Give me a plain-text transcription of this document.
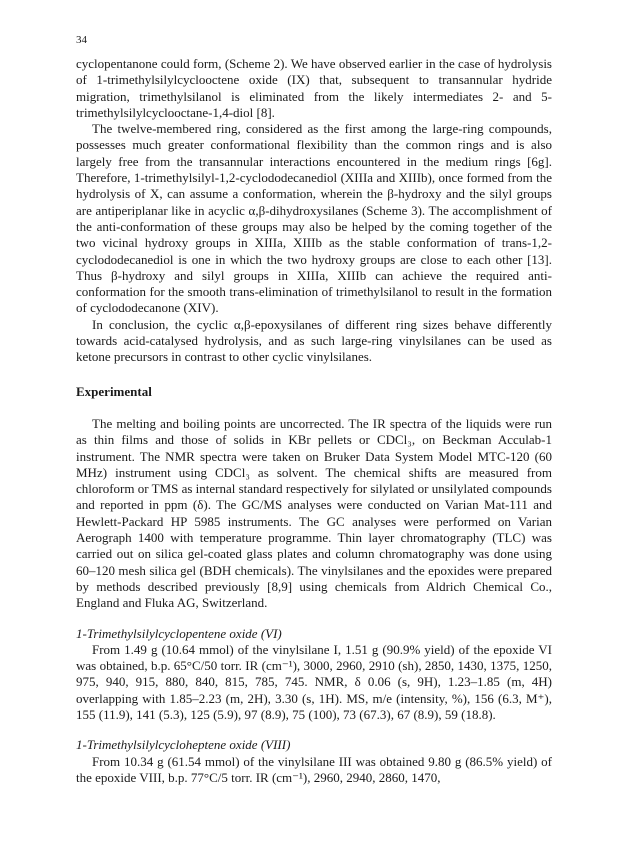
34

cyclopentanone could form, (Scheme 2). We have observed earlier in the case of hydrolysis of 1-trimethylsilylcyclooctene oxide (IX) that, subsequent to transannular hydride migration, trimethylsilanol is eliminated from the likely intermediates 2- and 5-trimethylsilylcyclooctane-1,4-diol [8].

The twelve-membered ring, considered as the first among the large-ring compounds, possesses much greater conformational flexibility than the common rings and is also largely free from the transannular interactions encountered in the medium rings [6g]. Therefore, 1-trimethylsilyl-1,2-cyclododecanediol (XIIIa and XIIIb), once formed from the hydrolysis of X, can assume a conformation, wherein the β-hydroxy and the silyl groups are antiperiplanar like in acyclic α,β-dihydroxysilanes (Scheme 3). The accomplishment of the anti-conformation of these groups may also be helped by the coming together of the two vicinal hydroxy groups in XIIIa, XIIIb as the stable conformation of trans-1,2-cyclododecanediol is one in which the two hydroxy groups are close to each other [13]. Thus β-hydroxy and silyl groups in XIIIa, XIIIb can achieve the required anti-conformation for the smooth trans-elimination of trimethylsilanol to result in the formation of cyclododecanone (XIV).

In conclusion, the cyclic α,β-epoxysilanes of different ring sizes behave differently towards acid-catalysed hydrolysis, and as such large-ring vinylsilanes can be used as ketone precursors in contrast to other cyclic vinylsilanes.

Experimental

The melting and boiling points are uncorrected. The IR spectra of the liquids were run as thin films and those of solids in KBr pellets or CDCl₃, on Beckman Acculab-1 instrument. The NMR spectra were taken on Bruker Data System Model MTC-120 (60 MHz) instrument using CDCl₃ as solvent. The chemical shifts are measured from chloroform or TMS as internal standard respectively for silylated or unsilylated compounds and reported in ppm (δ). The GC/MS analyses were conducted on Varian Mat-111 and Hewlett-Packard HP 5985 instruments. The GC analyses were performed on Varian Aerograph 1400 with temperature programme. Thin layer chromatography (TLC) was carried out on silica gel-coated glass plates and column chromatography was done using 60–120 mesh silica gel (BDH chemicals). The vinylsilanes and the epoxides were prepared by methods described previously [8,9] using chemicals from Aldrich Chemical Co., England and Fluka AG, Switzerland.

1-Trimethylsilylcyclopentene oxide (VI)

From 1.49 g (10.64 mmol) of the vinylsilane I, 1.51 g (90.9% yield) of the epoxide VI was obtained, b.p. 65°C/50 torr. IR (cm⁻¹), 3000, 2960, 2910 (sh), 2850, 1430, 1375, 1250, 975, 940, 915, 880, 840, 815, 785, 745. NMR, δ 0.06 (s, 9H), 1.23–1.85 (m, 4H) overlapping with 1.85–2.23 (m, 2H), 3.30 (s, 1H). MS, m/e (intensity, %), 156 (6.3, M⁺), 155 (11.9), 141 (5.3), 125 (5.9), 97 (8.9), 75 (100), 73 (67.3), 67 (8.9), 59 (18.8).

1-Trimethylsilylcycloheptene oxide (VIII)

From 10.34 g (61.54 mmol) of the vinylsilane III was obtained 9.80 g (86.5% yield) of the epoxide VIII, b.p. 77°C/5 torr. IR (cm⁻¹), 2960, 2940, 2860, 1470,
